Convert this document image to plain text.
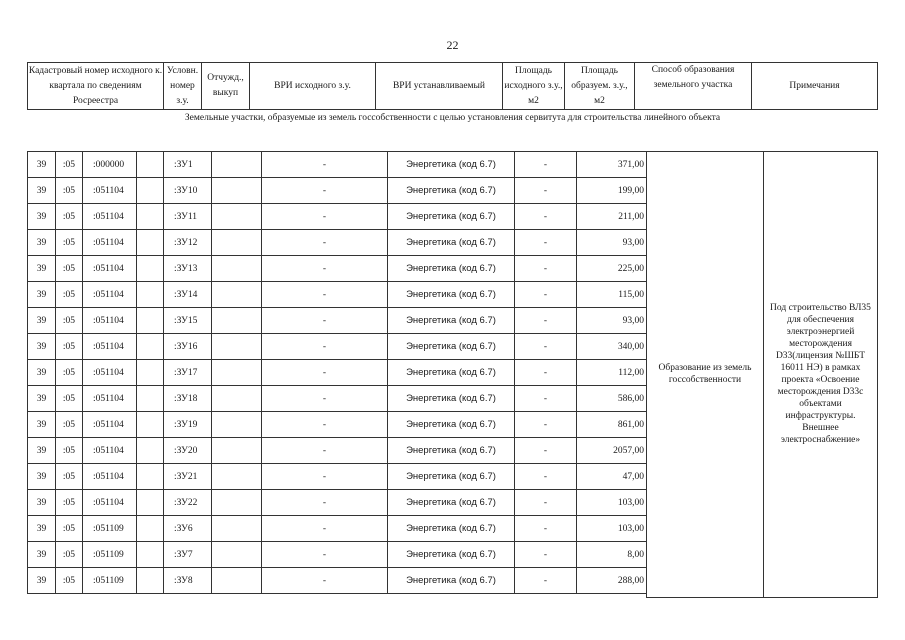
22
Кадастровый номер исходного к. квартала по сведениям Росреестра	Условн. номер з.у.	Отчужд., выкуп	ВРИ исходного з.у.	ВРИ устанавливаемый	Площадь исходного з.у., м2	Площадь образуем. з.у., м2	Способ образования земельного участка	Примечания
Земельные участки, образуемые из земель госсобственности с целью установления сервитута для строительства линейного объекта
39	:05	:000000		:ЗУ1		-	Энергетика (код 6.7)	-	371,00	Образование из земель госсобственности	Под строительство ВЛ35 для обеспечения электроэнергией месторождения D33(лицензия №ШБТ 16011 НЭ) в рамках проекта «Освоение месторождения D33с объектами инфраструктуры. Внешнее электроснабжение»
39	:05	:051104		:ЗУ10		-	Энергетика (код 6.7)	-	199,00		
39	:05	:051104		:ЗУ11		-	Энергетика (код 6.7)	-	211,00		
39	:05	:051104		:ЗУ12		-	Энергетика (код 6.7)	-	93,00		
39	:05	:051104		:ЗУ13		-	Энергетика (код 6.7)	-	225,00		
39	:05	:051104		:ЗУ14		-	Энергетика (код 6.7)	-	115,00		
39	:05	:051104		:ЗУ15		-	Энергетика (код 6.7)	-	93,00		
39	:05	:051104		:ЗУ16		-	Энергетика (код 6.7)	-	340,00		
39	:05	:051104		:ЗУ17		-	Энергетика (код 6.7)	-	112,00		
39	:05	:051104		:ЗУ18		-	Энергетика (код 6.7)	-	586,00		
39	:05	:051104		:ЗУ19		-	Энергетика (код 6.7)	-	861,00		
39	:05	:051104		:ЗУ20		-	Энергетика (код 6.7)	-	2057,00		
39	:05	:051104		:ЗУ21		-	Энергетика (код 6.7)	-	47,00		
39	:05	:051104		:ЗУ22		-	Энергетика (код 6.7)	-	103,00		
39	:05	:051109		:ЗУ6		-	Энергетика (код 6.7)	-	103,00		
39	:05	:051109		:ЗУ7		-	Энергетика (код 6.7)	-	8,00		
39	:05	:051109		:ЗУ8		-	Энергетика (код 6.7)	-	288,00		
